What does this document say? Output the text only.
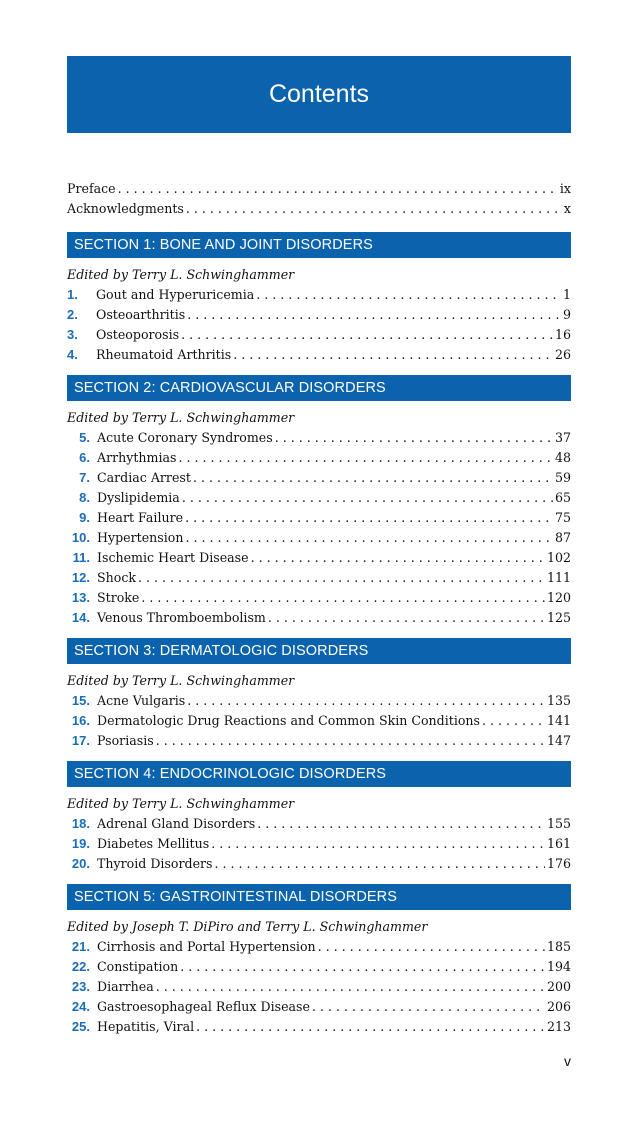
Contents
Preface . . .	ix
Acknowledgments . . .	x
SECTION 1: BONE AND JOINT DISORDERS
Edited by Terry L. Schwinghammer
1.	Gout and Hyperuricemia . . .	1
2.	Osteoarthritis . . .	9
3.	Osteoporosis . . .	16
4.	Rheumatoid Arthritis . . .	26
SECTION 2: CARDIOVASCULAR DISORDERS
Edited by Terry L. Schwinghammer
5. Acute Coronary Syndromes . . .	37
6. Arrhythmias . . .	48
7. Cardiac Arrest . . .	59
8. Dyslipidemia . . .	65
9. Heart Failure . . .	75
10. Hypertension . . .	87
11. Ischemic Heart Disease . . .	102
12. Shock . . .	111
13. Stroke . . .	120
14. Venous Thromboembolism . . .	125
SECTION 3: DERMATOLOGIC DISORDERS
Edited by Terry L. Schwinghammer
15. Acne Vulgaris . . .	135
16. Dermatologic Drug Reactions and Common Skin Conditions . . .	141
17. Psoriasis . . .	147
SECTION 4: ENDOCRINOLOGIC DISORDERS
Edited by Terry L. Schwinghammer
18. Adrenal Gland Disorders . . .	155
19. Diabetes Mellitus . . .	161
20. Thyroid Disorders . . .	176
SECTION 5: GASTROINTESTINAL DISORDERS
Edited by Joseph T. DiPiro and Terry L. Schwinghammer
21. Cirrhosis and Portal Hypertension . . .	185
22. Constipation . . .	194
23. Diarrhea . . .	200
24. Gastroesophageal Reflux Disease . . .	206
25. Hepatitis, Viral . . .	213
v
